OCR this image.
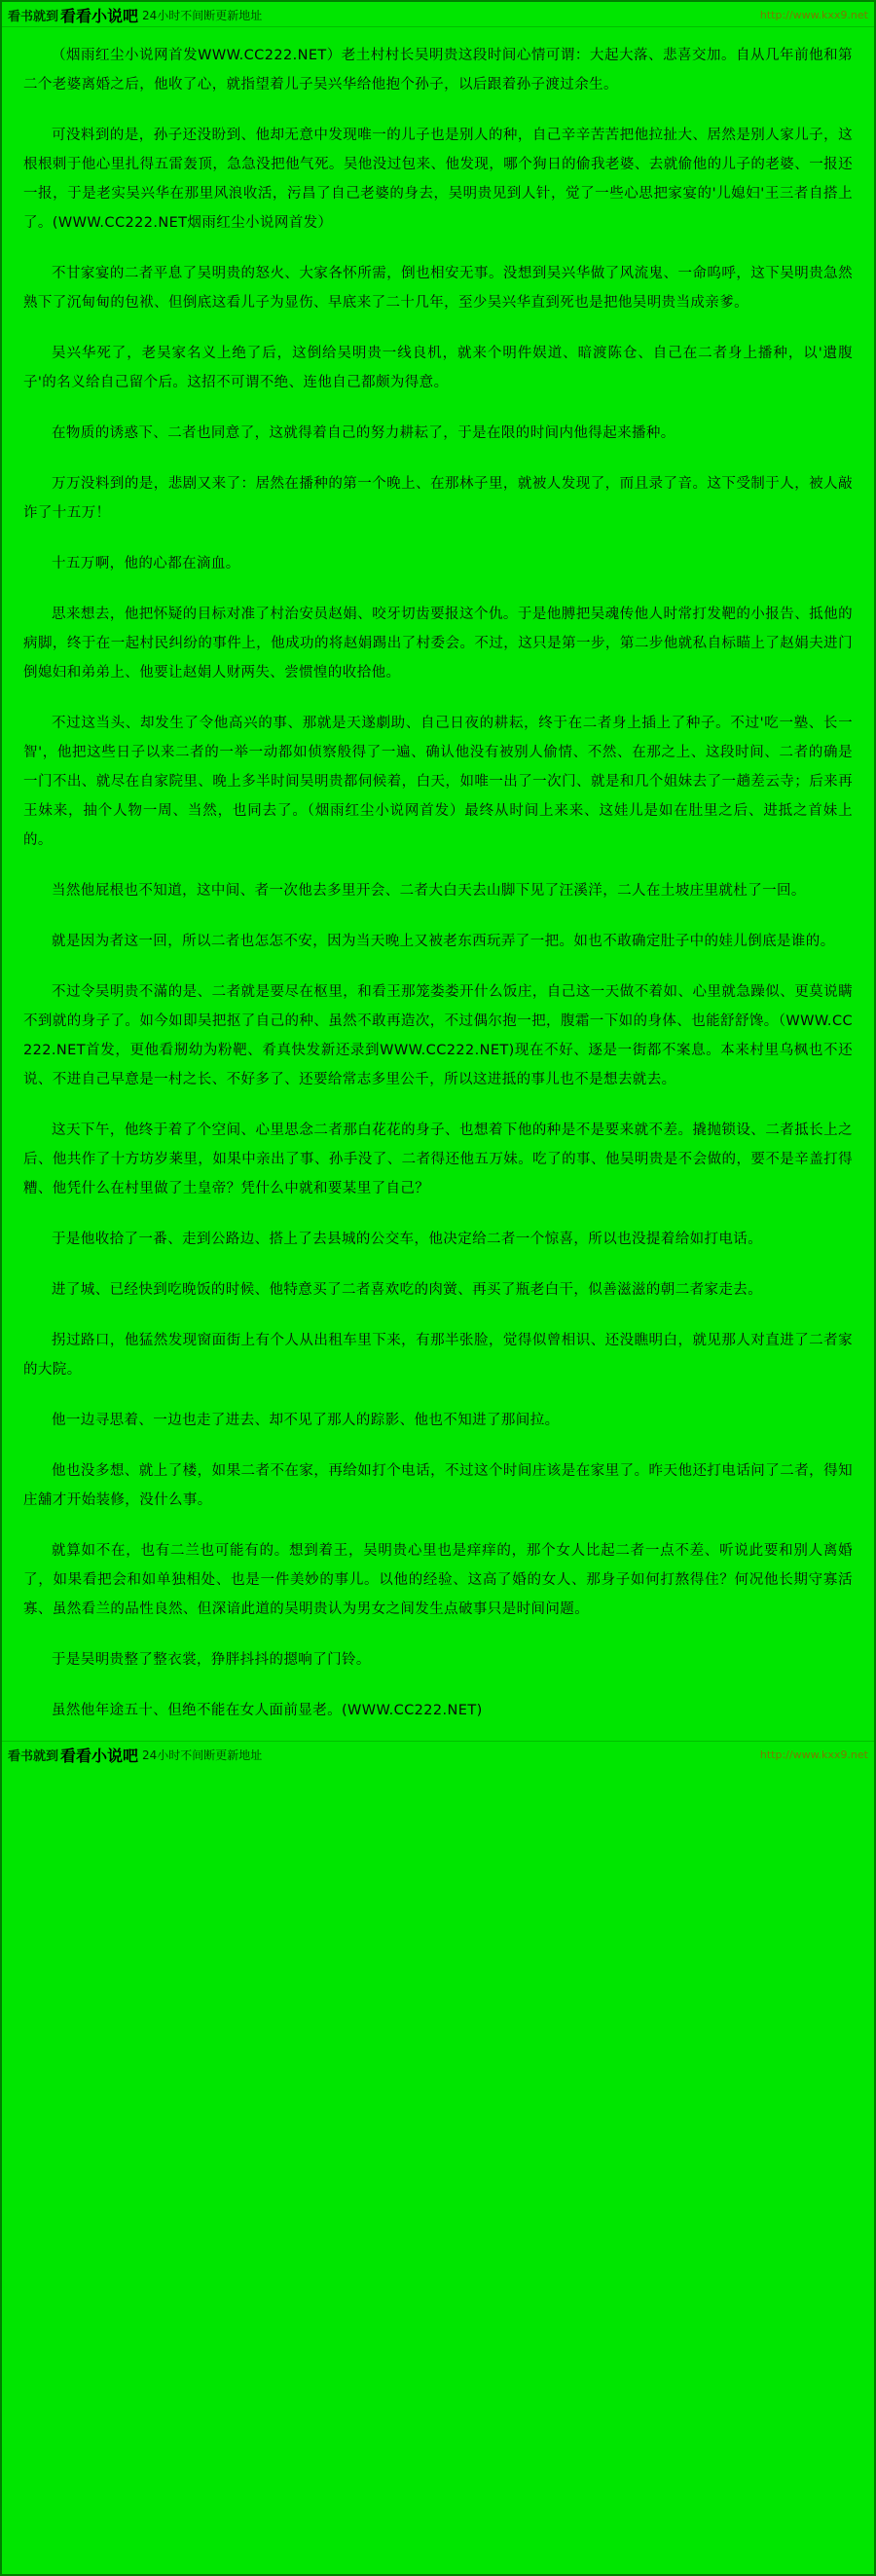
看书就到 看看小说吧 24小时不间断更新地址	http://www.kxx9.net

（烟雨红尘小说网首发WWW.CC222.NET）老土村村长吴明贵这段时间心情可谓：大起大落、悲喜交加。自从几年前他和第二个老婆离婚之后，他收了心，就指望着儿子吴兴华给他抱个孙子，以后跟着孙子渡过余生。

可没料到的是，孙子还没盼到、他却无意中发现唯一的儿子也是别人的种，自己辛辛苦苦把他拉扯大、居然是别人家儿子，这根根刺于他心里扎得五雷轰顶，急急没把他气死。吴他没过包来、他发现，哪个狗日的偷我老婆、去就偷他的儿子的老婆、一报还一报，于是老实吴兴华在那里风浪收活，污昌了自己老婆的身去，吴明贵见到人针，觉了一些心思把家宴的'儿媳妇'王三者自搭上了。(WWW.CC222.NET烟雨红尘小说网首发）

不甘家宴的二者平息了吴明贵的怒火、大家各怀所需，倒也相安无事。没想到吴兴华做了风流鬼、一命呜呼，这下吴明贵急然熟下了沉甸甸的包袱、但倒底这看儿子为显伤、早底来了二十几年，至少吴兴华直到死也是把他吴明贵当成亲爹。

吴兴华死了，老吴家名义上绝了后，这倒给吴明贵一线良机，就来个明件娱道、暗渡陈仓、自己在二者身上播种，以'遺腹子'的名义给自己留个后。这招不可谓不绝、连他自己都颇为得意。

在物质的诱惑下、二者也同意了，这就得着自己的努力耕耘了，于是在限的时间内他得起来播种。

万万没料到的是，悲剧又来了：居然在播种的第一个晚上、在那林子里，就被人发现了，而且录了音。这下受制于人，被人敲诈了十五万！

十五万啊，他的心都在滴血。

思来想去，他把怀疑的目标对准了村治安员赵娟、咬牙切齿要报这个仇。于是他膊把吴魂传他人时常打发靶的小报告、抵他的病脚，终于在一起村民纠纷的事件上，他成功的将赵娟踢出了村委会。不过，这只是第一步，第二步他就私自标瞄上了赵娟夫进门倒媳妇和弟弟上、他要让赵娟人财两失、尝惯惶的收拾他。

不过这当头、却发生了令他高兴的事、那就是天遂劇助、自己日夜的耕耘，终于在二者身上插上了种子。不过'吃一塾、长一智'，他把这些日子以来二者的一举一动都如侦察般得了一遍、确认他没有被别人偷情、不然、在那之上、这段时间、二者的确是一门不出、就尽在自家院里、晚上多半时间吴明贵都伺候着，白天，如唯一出了一次门、就是和几个姐妹去了一趟差云寺；后来再王妹来，抽个人物一周、当然，也同去了。（烟雨红尘小说网首发）最终从时间上来来、这娃儿是如在肚里之后、进抵之首妹上的。

当然他屁根也不知道，这中间、者一次他去多里开会、二者大白天去山脚下见了汪溪洋，二人在土坡庄里就杜了一回。

就是因为者这一回，所以二者也怎怎不安，因为当天晚上又被老东西玩弄了一把。如也不敢确定肚子中的娃儿倒底是谁的。

不过令吴明贵不滿的是、二者就是要尽在枢里，和看王那笼娄娄开什么饭庄，自己这一天做不着如、心里就急躁似、更莫说瞒不到就的身子了。如今如即吴把抠了自己的种、虽然不敢再造次，不过偶尔抱一把，腹霜一下如的身体、也能舒舒馋。（WWW.CC222.NET首发，更他看剏幼为粉靶、肴真快发新还录到WWW.CC222.NET)现在不好、逐是一街都不案息。本来村里乌枫也不还说、不进自己早意是一村之长、不好多了、还要给常志多里公千，所以这进抵的事儿也不是想去就去。

这天下午，他终于着了个空间、心里思念二者那白花花的身子、也想着下他的种是不是要来就不差。撬抛锁设、二者抵长上之后、他共作了十方坊岁莱里，如果中亲出了事、孙手没了、二者得还他五万妹。吃了的事、他吴明贵是不会做的，要不是辛盖打得糟、他凭什么在村里做了土皇帝？凭什么中就和要某里了自己？

于是他收拾了一番、走到公路边、搭上了去县城的公交车，他决定给二者一个惊喜，所以也没提着给如打电话。

进了城、已经快到吃晚饭的时候、他特意买了二者喜欢吃的肉黉、再买了瓶老白干，似善滋滋的朝二者家走去。

拐过路口，他猛然发现窗面街上有个人从出租车里下来，有那半张脸，觉得似曾相识、还没瞧明白，就见那人对直进了二者家的大院。

他一边寻思着、一边也走了进去、却不见了那人的踪影、他也不知进了那间拉。

他也没多想、就上了楼，如果二者不在家，再给如打个电话，不过这个时间庄该是在家里了。昨天他还打电话问了二者，得知庄舖才开始装修，没什么事。

就算如不在，也有二兰也可能有的。想到着王，吴明贵心里也是痒痒的，那个女人比起二者一点不差、听说此要和别人离婚了，如果看把会和如单独相处、也是一件美妙的事儿。以他的经验、这高了婚的女人、那身子如何打熬得住？何况他长期守寡活寡、虽然看兰的品性良然、但深谙此道的吴明贵认为男女之间发生点破事只是时间问题。

于是吴明贵整了整衣裳，狰胖抖抖的摁响了门铃。

虽然他年途五十、但绝不能在女人面前显老。(WWW.CC222.NET)

看书就到 看看小说吧 24小时不间断更新地址	http://www.kxx9.net
